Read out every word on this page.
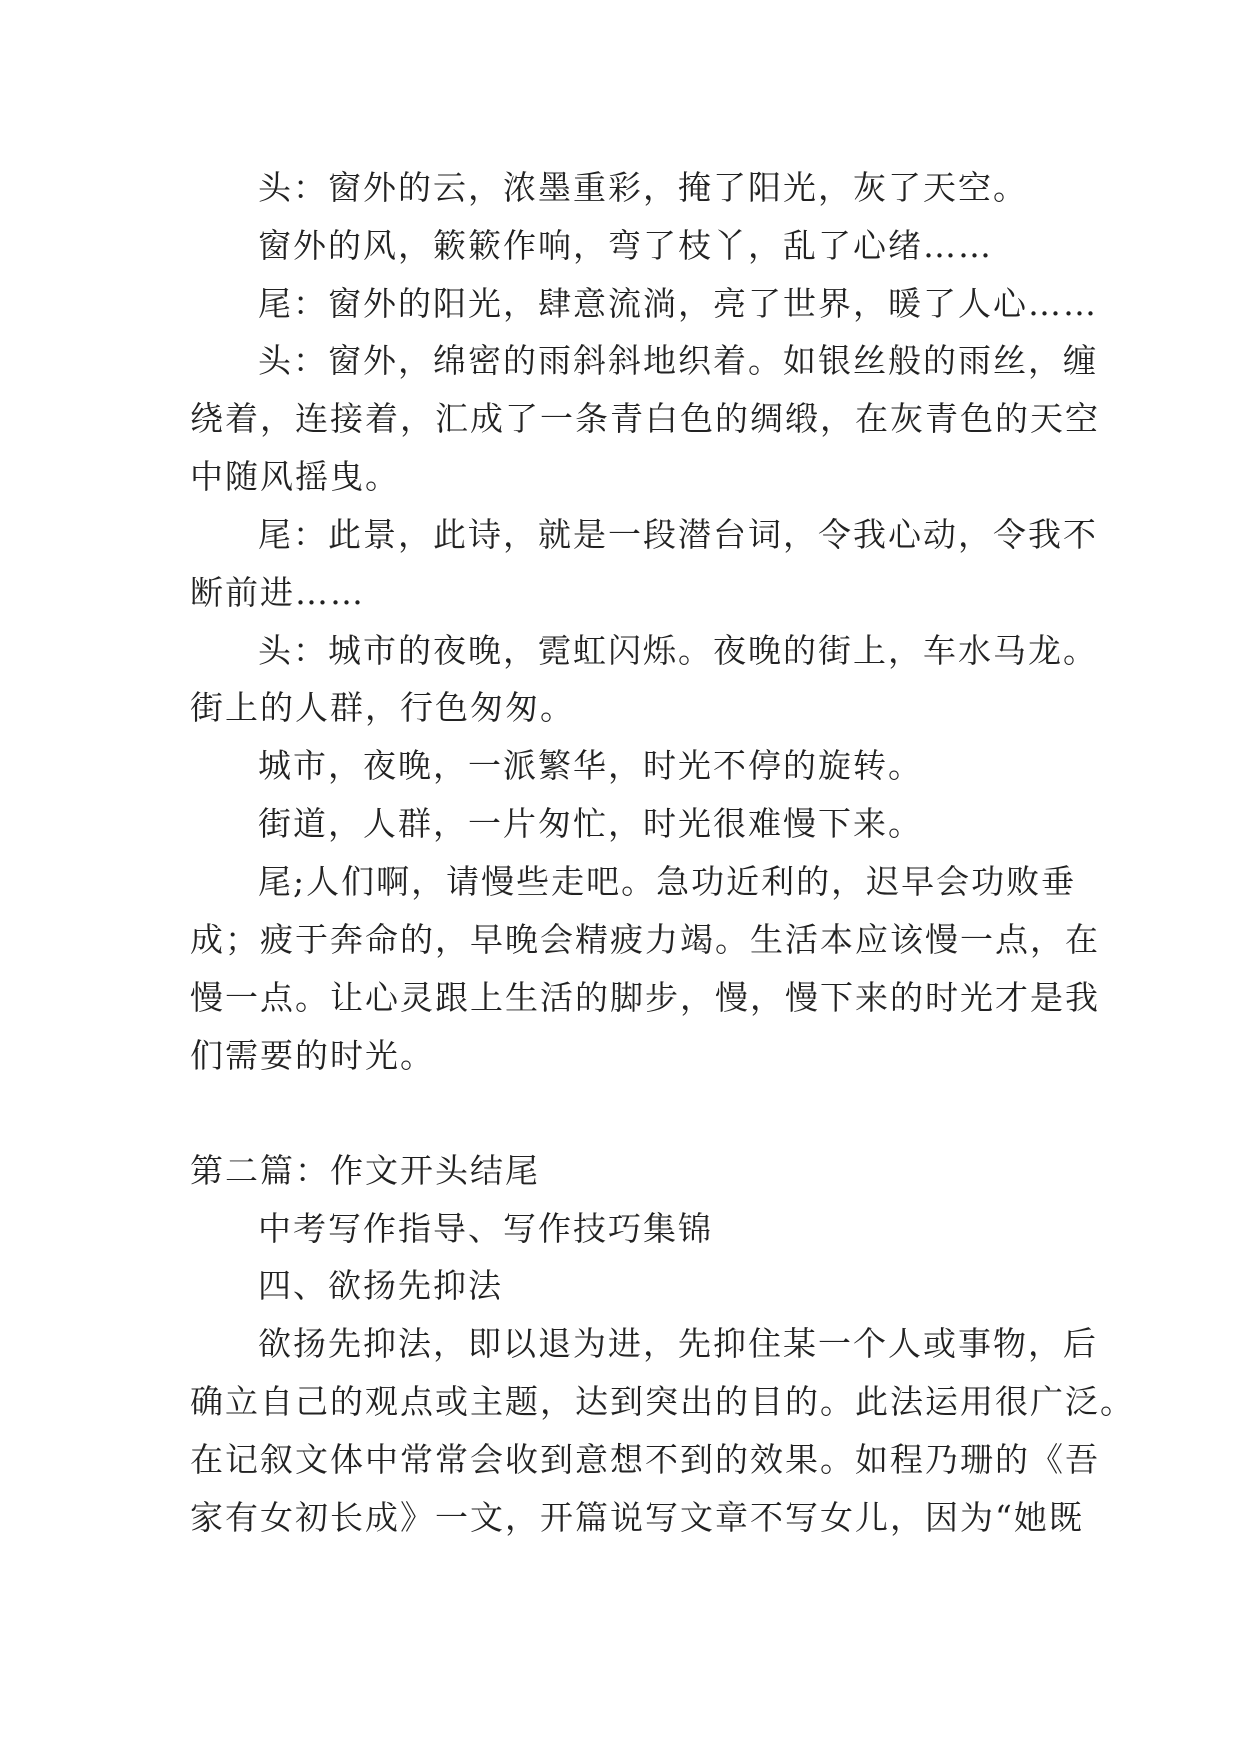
头：窗外的云，浓墨重彩，掩了阳光，灰了天空。
窗外的风，簌簌作响，弯了枝丫，乱了心绪……
尾：窗外的阳光，肆意流淌，亮了世界，暖了人心……
头：窗外，绵密的雨斜斜地织着。如银丝般的雨丝，缠
绕着，连接着，汇成了一条青白色的绸缎，在灰青色的天空
中随风摇曳。
尾：此景，此诗，就是一段潜台词，令我心动，令我不
断前进……
头：城市的夜晚，霓虹闪烁。夜晚的街上，车水马龙。
街上的人群，行色匆匆。
城市，夜晚，一派繁华，时光不停的旋转。
街道，人群，一片匆忙，时光很难慢下来。
尾;人们啊，请慢些走吧。急功近利的，迟早会功败垂
成；疲于奔命的，早晚会精疲力竭。生活本应该慢一点，在
慢一点。让心灵跟上生活的脚步，慢，慢下来的时光才是我
们需要的时光。
第二篇：作文开头结尾
中考写作指导、写作技巧集锦
四、欲扬先抑法
欲扬先抑法，即以退为进，先抑住某一个人或事物，后
确立自己的观点或主题，达到突出的目的。此法运用很广泛。
在记叙文体中常常会收到意想不到的效果。如程乃珊的《吾
家有女初长成》一文，开篇说写文章不写女儿，因为“她既
